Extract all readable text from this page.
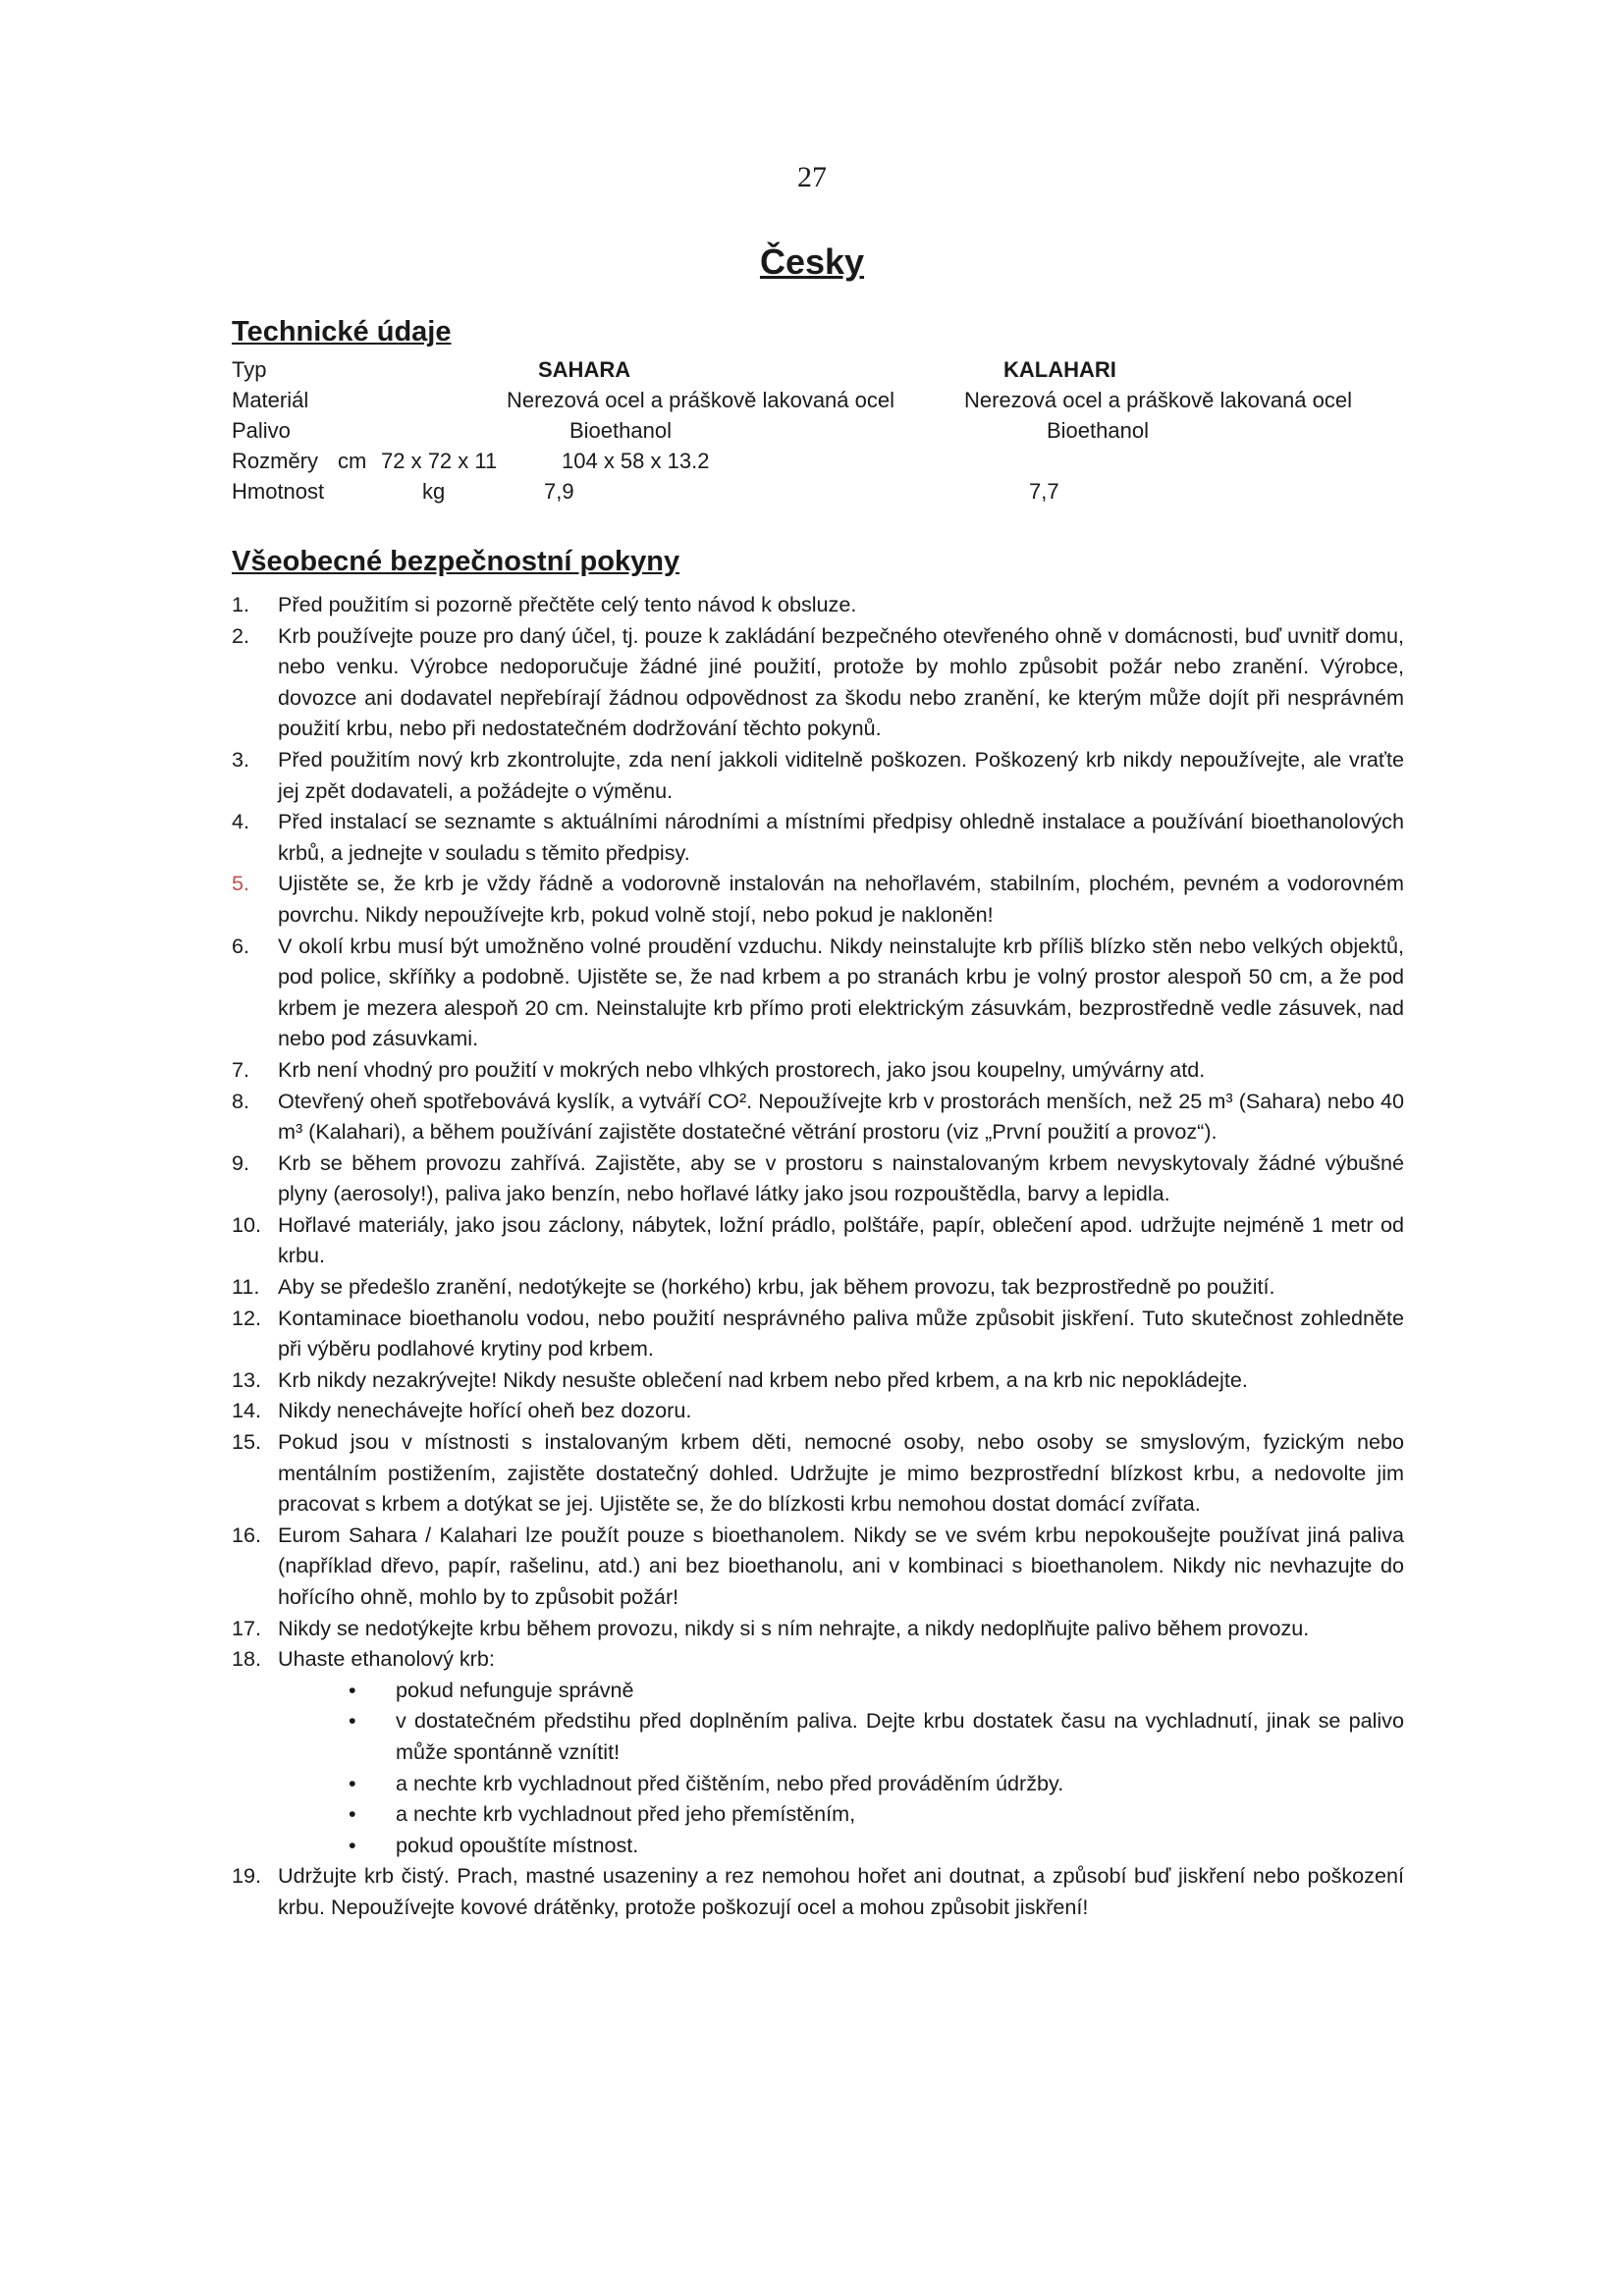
27
Česky
Technické údaje
Typ	SAHARA	KALAHARI
Materiál	Nerezová ocel a práškově lakovaná ocel	Nerezová ocel a práškově lakovaná ocel
Palivo	Bioethanol	Bioethanol
Rozměry cm 72 x 72 x 11	104 x 58 x 13.2
Hmotnost	kg	7,9	7,7
Všeobecné bezpečnostní pokyny
1. Před použitím si pozorně přečtěte celý tento návod k obsluze.
2. Krb používejte pouze pro daný účel, tj. pouze k zakládání bezpečného otevřeného ohně v domácnosti, buď uvnitř domu, nebo venku. Výrobce nedoporučuje žádné jiné použití, protože by mohlo způsobit požár nebo zranění. Výrobce, dovozce ani dodavatel nepřebírají žádnou odpovědnost za škodu nebo zranění, ke kterým může dojít při nesprávném použití krbu, nebo při nedostatečném dodržování těchto pokynů.
3. Před použitím nový krb zkontrolujte, zda není jakkoli viditelně poškozen. Poškozený krb nikdy nepoužívejte, ale vraťte jej zpět dodavateli, a požádejte o výměnu.
4. Před instalací se seznamte s aktuálními národními a místními předpisy ohledně instalace a používání bioethanolových krbů, a jednejte v souladu s těmito předpisy.
5. Ujistěte se, že krb je vždy řádně a vodorovně instalován na nehořlavém, stabilním, plochém, pevném a vodorovném povrchu. Nikdy nepoužívejte krb, pokud volně stojí, nebo pokud je nakloněn!
6. V okolí krbu musí být umožněno volné proudění vzduchu. Nikdy neinstalujte krb příliš blízko stěn nebo velkých objektů, pod police, skříňky a podobně. Ujistěte se, že nad krbem a po stranách krbu je volný prostor alespoň 50 cm, a že pod krbem je mezera alespoň 20 cm. Neinstalujte krb přímo proti elektrickým zásuvkám, bezprostředně vedle zásuvek, nad nebo pod zásuvkami.
7. Krb není vhodný pro použití v mokrých nebo vlhkých prostorech, jako jsou koupelny, umývárny atd.
8. Otevřený oheň spotřebovává kyslík, a vytváří CO². Nepoužívejte krb v prostorách menších, než 25 m³ (Sahara) nebo 40 m³ (Kalahari), a během používání zajistěte dostatečné větrání prostoru (viz „První použití a provoz“).
9. Krb se během provozu zahřívá. Zajistěte, aby se v prostoru s nainstalovaným krbem nevyskytovaly žádné výbušné plyny (aerosoly!), paliva jako benzín, nebo hořlavé látky jako jsou rozpouštědla, barvy a lepidla.
10. Hořlavé materiály, jako jsou záclony, nábytek, ložní prádlo, polštáře, papír, oblečení apod. udržujte nejméně 1 metr od krbu.
11. Aby se předešlo zranění, nedotýkejte se (horkého) krbu, jak během provozu, tak bezprostředně po použití.
12. Kontaminace bioethanolu vodou, nebo použití nesprávného paliva může způsobit jiskření. Tuto skutečnost zohledněte při výběru podlahové krytiny pod krbem.
13. Krb nikdy nezakrývejte! Nikdy nesušte oblečení nad krbem nebo před krbem, a na krb nic nepokládejte.
14. Nikdy nenechávejte hořící oheň bez dozoru.
15. Pokud jsou v místnosti s instalovaným krbem děti, nemocné osoby, nebo osoby se smyslovým, fyzickým nebo mentálním postižením, zajistěte dostatečný dohled. Udržujte je mimo bezprostřední blízkost krbu, a nedovolte jim pracovat s krbem a dotýkat se jej. Ujistěte se, že do blízkosti krbu nemohou dostat domácí zvířata.
16. Eurom Sahara / Kalahari lze použít pouze s bioethanolem. Nikdy se ve svém krbu nepokoušejte používat jiná paliva (například dřevo, papír, rašelinu, atd.) ani bez bioethanolu, ani v kombinaci s bioethanolem. Nikdy nic nevhazujte do hořícího ohně, mohlo by to způsobit požár!
17. Nikdy se nedotýkejte krbu během provozu, nikdy si s ním nehrajte, a nikdy nedoplňujte palivo během provozu.
18. Uhaste ethanolový krb:
• pokud nefunguje správně
• v dostatečném předstihu před doplněním paliva. Dejte krbu dostatek času na vychladnutí, jinak se palivo může spontánně vznítit!
• a nechte krb vychladnout před čištěním, nebo před prováděním údržby.
• a nechte krb vychladnout před jeho přemístěním,
• pokud opouštíte místnost.
19. Udržujte krb čistý. Prach, mastné usazeniny a rez nemohou hořet ani doutnat, a způsobí buď jiskření nebo poškození krbu. Nepoužívejte kovové drátěnky, protože poškozují ocel a mohou způsobit jiskření!
